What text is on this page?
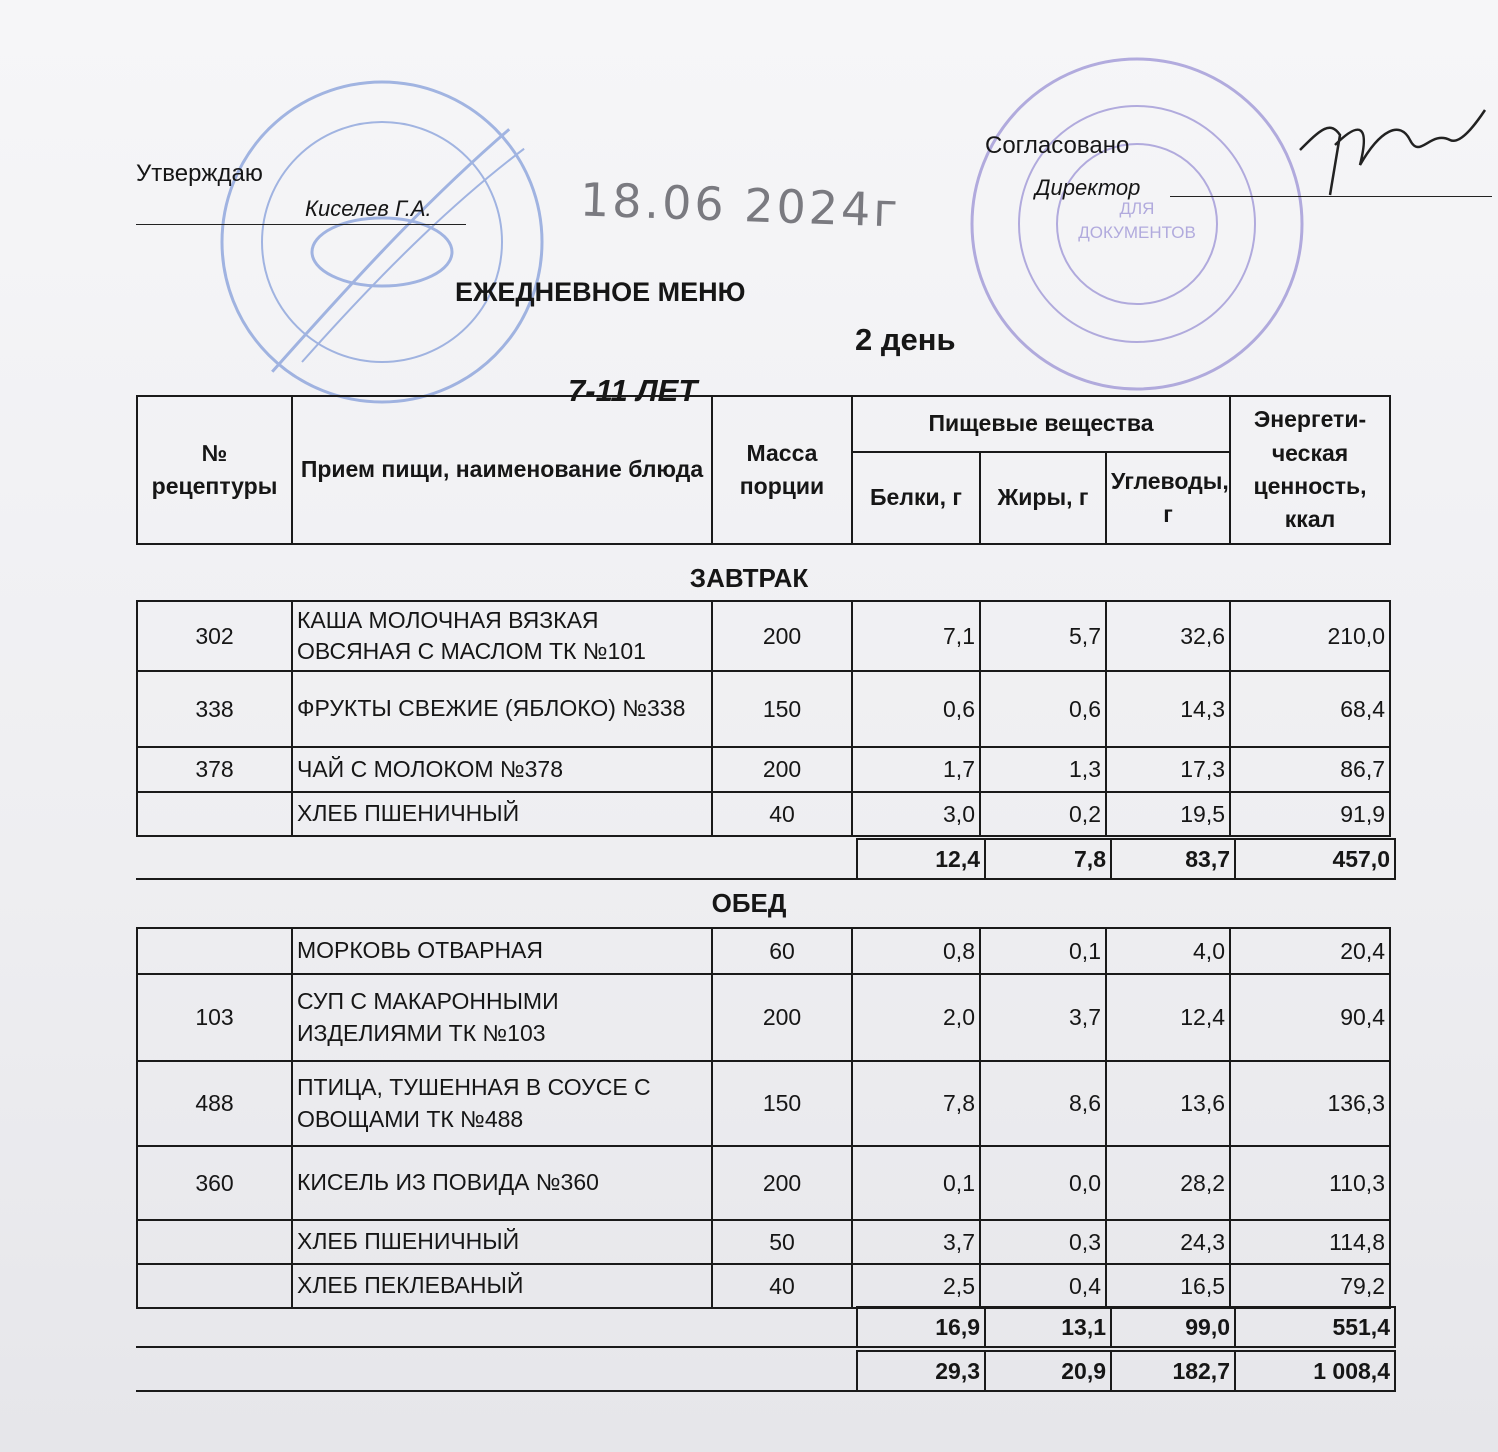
ДЛЯ
ДОКУМЕНТОВ
Утверждаю
Киселев Г.А.	18.06 2024г
Согласовано
Директор
ЕЖЕДНЕВНОЕ МЕНЮ
2 день
7-11 ЛЕТ
№ рецептуры	Прием пищи, наименование блюда	Масса порции	Пищевые вещества			Энергети-ческая ценность, ккал
			Белки, г	Жиры, г	Углеводы, г	
ЗАВТРАК
302	КАША МОЛОЧНАЯ ВЯЗКАЯ ОВСЯНАЯ С МАСЛОМ ТК №101	200	7,1	5,7	32,6	210,0
338	ФРУКТЫ СВЕЖИЕ (ЯБЛОКО) №338	150	0,6	0,6	14,3	68,4
378	ЧАЙ С МОЛОКОМ №378	200	1,7	1,3	17,3	86,7
	ХЛЕБ ПШЕНИЧНЫЙ	40	3,0	0,2	19,5	91,9
12,4	7,8	83,7	457,0
ОБЕД
	МОРКОВЬ ОТВАРНАЯ	60	0,8	0,1	4,0	20,4
103	СУП С МАКАРОННЫМИ ИЗДЕЛИЯМИ ТК №103	200	2,0	3,7	12,4	90,4
488	ПТИЦА, ТУШЕННАЯ В СОУСЕ С ОВОЩАМИ ТК №488	150	7,8	8,6	13,6	136,3
360	КИСЕЛЬ ИЗ ПОВИДА №360	200	0,1	0,0	28,2	110,3
	ХЛЕБ ПШЕНИЧНЫЙ	50	3,7	0,3	24,3	114,8
	ХЛЕБ ПЕКЛЕВАНЫЙ	40	2,5	0,4	16,5	79,2
16,9	13,1	99,0	551,4
29,3	20,9	182,7	1 008,4
